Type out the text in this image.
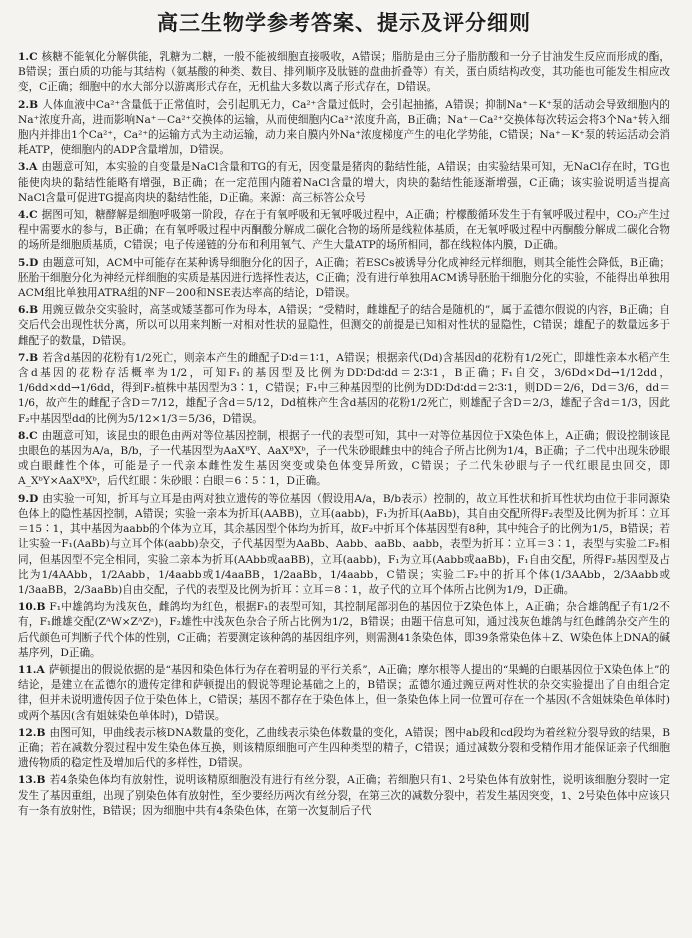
高三生物学参考答案、提示及评分细则
1.C 核糖不能氧化分解供能，乳糖为二糖，一般不能被细胞直接吸收，A错误；脂肪是由三分子脂肪酸和一分子甘油发生反应而形成的酯，B错误；蛋白质的功能与其结构（氨基酸的种类、数目、排列顺序及肽链的盘曲折叠等）有关，蛋白质结构改变，其功能也可能发生相应改变，C正确；细胞中的水大部分以游离形式存在，无机盐大多数以离子形式存在，D错误。
2.B 人体血液中Ca²⁺含量低于正常值时，会引起肌无力，Ca²⁺含量过低时，会引起抽搐，A错误；抑制Na⁺－K⁺泵的活动会导致细胞内的Na⁺浓度升高，进而影响Na⁺－Ca²⁺交换体的运输，从而使细胞内Ca²⁺浓度升高，B正确；Na⁺－Ca²⁺交换体每次转运会将3个Na⁺转入细胞内并排出1个Ca²⁺，Ca²⁺的运输方式为主动运输，动力来自膜内外Na⁺浓度梯度产生的电化学势能，C错误；Na⁺－K⁺泵的转运活动会消耗ATP，使细胞内的ADP含量增加，D错误。
3.A 由题意可知，本实验的自变量是NaCl含量和TG的有无，因变量是猪肉的黏结性能，A错误；由实验结果可知，无NaCl存在时，TG也能使肉块的黏结性能略有增强，B正确；在一定范围内随着NaCl含量的增大，肉块的黏结性能逐渐增强，C正确；该实验说明适当提高NaCl含量可促进TG提高肉块的黏结性能，D正确。来源：高三标答公众号
4.C 据图可知，糖酵解是细胞呼吸第一阶段，存在于有氧呼吸和无氧呼吸过程中，A正确；柠檬酸循环发生于有氧呼吸过程中，CO₂产生过程中需要水的参与，B正确；在有氧呼吸过程中丙酮酸分解成二碳化合物的场所是线粒体基质，在无氧呼吸过程中丙酮酸分解成二碳化合物的场所是细胞质基质，C错误；电子传递链的分布和利用氧气、产生大量ATP的场所相同，都在线粒体内膜，D正确。
5.D 由题意可知，ACM中可能存在某种诱导细胞分化的因子，A正确；若ESCs被诱导分化成神经元样细胞，则其全能性会降低，B正确；胚胎干细胞分化为神经元样细胞的实质是基因进行选择性表达，C正确；没有进行单独用ACM诱导胚胎干细胞分化的实验，不能得出单独用ACM组比单独用ATRA组的NF－200和NSE表达率高的结论，D错误。
6.B 用豌豆做杂交实验时，高茎或矮茎都可作为母本，A错误；“受精时，雌雄配子的结合是随机的”，属于孟德尔假说的内容，B正确；自交后代会出现性状分离，所以可以用来判断一对相对性状的显隐性，但测交的前提是已知相对性状的显隐性，C错误；雄配子的数量远多于雌配子的数量，D错误。
7.B 若含d基因的花粉有1/2死亡，则亲本产生的雌配子D∶d＝1∶1，A错误；根据亲代(Dd)含基因d的花粉有1/2死亡，即雄性亲本水稻产生含d基因的花粉存活概率为1/2，可知F₁的基因型及比例为DD∶Dd∶dd＝2∶3∶1，B正确；F₁自交，3/6Dd×Dd→1/12dd，1/6dd×dd→1/6dd，得到F₂植株中基因型为3∶1，C错误；F₁中三种基因型的比例为DD∶Dd∶dd＝2∶3∶1，则DD＝2/6，Dd＝3/6，dd＝1/6，故产生的雌配子含D＝7/12，雄配子含d＝5/12，Dd植株产生含d基因的花粉1/2死亡，则雄配子含D＝2/3，雄配子含d＝1/3，因此F₂中基因型dd的比例为5/12×1/3＝5/36，D错误。
8.C 由题意可知，该昆虫的眼色由两对等位基因控制，根据子一代的表型可知，其中一对等位基因位于X染色体上，A正确；假设控制该昆虫眼色的基因为A/a，B/b，子一代基因型为AaXᴮY、AaXᴮXᵇ，子一代朱砂眼雌虫中的纯合子所占比例为1/4，B正确；子二代中出现朱砂眼或白眼雌性个体，可能是子一代亲本雌性发生基因突变或染色体变异所致，C错误；子二代朱砂眼与子一代红眼昆虫回交，即A_XᵇY×AaXᴮXᵇ，后代红眼∶朱砂眼∶白眼＝6∶5∶1，D正确。
9.D 由实验一可知，折耳与立耳是由两对独立遗传的等位基因（假设用A/a，B/b表示）控制的，故立耳性状和折耳性状均由位于非同源染色体上的隐性基因控制，A错误；实验一亲本为折耳(AABB)，立耳(aabb)，F₁为折耳(AaBb)，其自由交配所得F₂表型及比例为折耳∶立耳＝15∶1，其中基因为aabb的个体为立耳，其余基因型个体均为折耳，故F₂中折耳个体基因型有8种，其中纯合子的比例为1/5，B错误；若让实验一F₁(AaBb)与立耳个体(aabb)杂交，子代基因型为AaBb、Aabb、aaBb、aabb，表型为折耳∶立耳＝3∶1，表型与实验二F₂相同，但基因型不完全相同，实验二亲本为折耳(AAbb或aaBB)，立耳(aabb)，F₁为立耳(Aabb或aaBb)，F₁自由交配，所得F₂基因型及占比为1/4AAbb，1/2Aabb，1/4aabb或1/4aaBB，1/2aaBb，1/4aabb，C错误；实验二F₂中的折耳个体(1/3AAbb，2/3Aabb或1/3aaBB，2/3aaBb)自由交配，子代的表型及比例为折耳∶立耳＝8∶1，故子代的立耳个体所占比例为1/9，D正确。
10.B F₁中雄鸽均为浅灰色，雌鸽均为红色，根据F₁的表型可知，其控制尾部羽色的基因位于Z染色体上，A正确；杂合雄鸽配子有1/2不有，F₁雌雄交配(ZᴬW×ZᴬZᵃ)，F₂雄性中浅灰色杂合子所占比例为1/2，B错误；由题干信息可知，通过浅灰色雄鸽与红色雌鸽杂交产生的后代颜色可判断子代个体的性别，C正确；若要测定该种鸽的基因组序列，则需测41条染色体，即39条常染色体＋Z、W染色体上DNA的碱基序列，D正确。
11.A 萨顿提出的假说依据的是“基因和染色体行为存在着明显的平行关系”，A正确；摩尔根等人提出的“果蝇的白眼基因位于X染色体上”的结论，是建立在孟德尔的遗传定律和萨顿提出的假说等理论基础之上的，B错误；孟德尔通过豌豆两对性状的杂交实验提出了自由组合定律，但并未说明遗传因子位于染色体上，C错误；基因不都存在于染色体上，但一条染色体上同一位置可存在一个基因(不含姐妹染色单体时)或两个基因(含有姐妹染色单体时)，D错误。
12.B 由图可知，甲曲线表示核DNA数量的变化，乙曲线表示染色体数量的变化，A错误；图中ab段和cd段均为着丝粒分裂导致的结果，B正确；若在减数分裂过程中发生染色体互换，则该精原细胞可产生四种类型的精子，C错误；通过减数分裂和受精作用才能保证亲子代细胞遗传物质的稳定性及增加后代的多样性，D错误。
13.B 若4条染色体均有放射性，说明该精原细胞没有进行有丝分裂，A正确；若细胞只有1、2号染色体有放射性，说明该细胞分裂时一定发生了基因重组，出现了别染色体有放射性，至少要经历两次有丝分裂，在第三次的减数分裂中，若发生基因突变，1、2号染色体中应该只有一条有放射性，B错误；因为细胞中共有4条染色体，在第一次复制后子代
